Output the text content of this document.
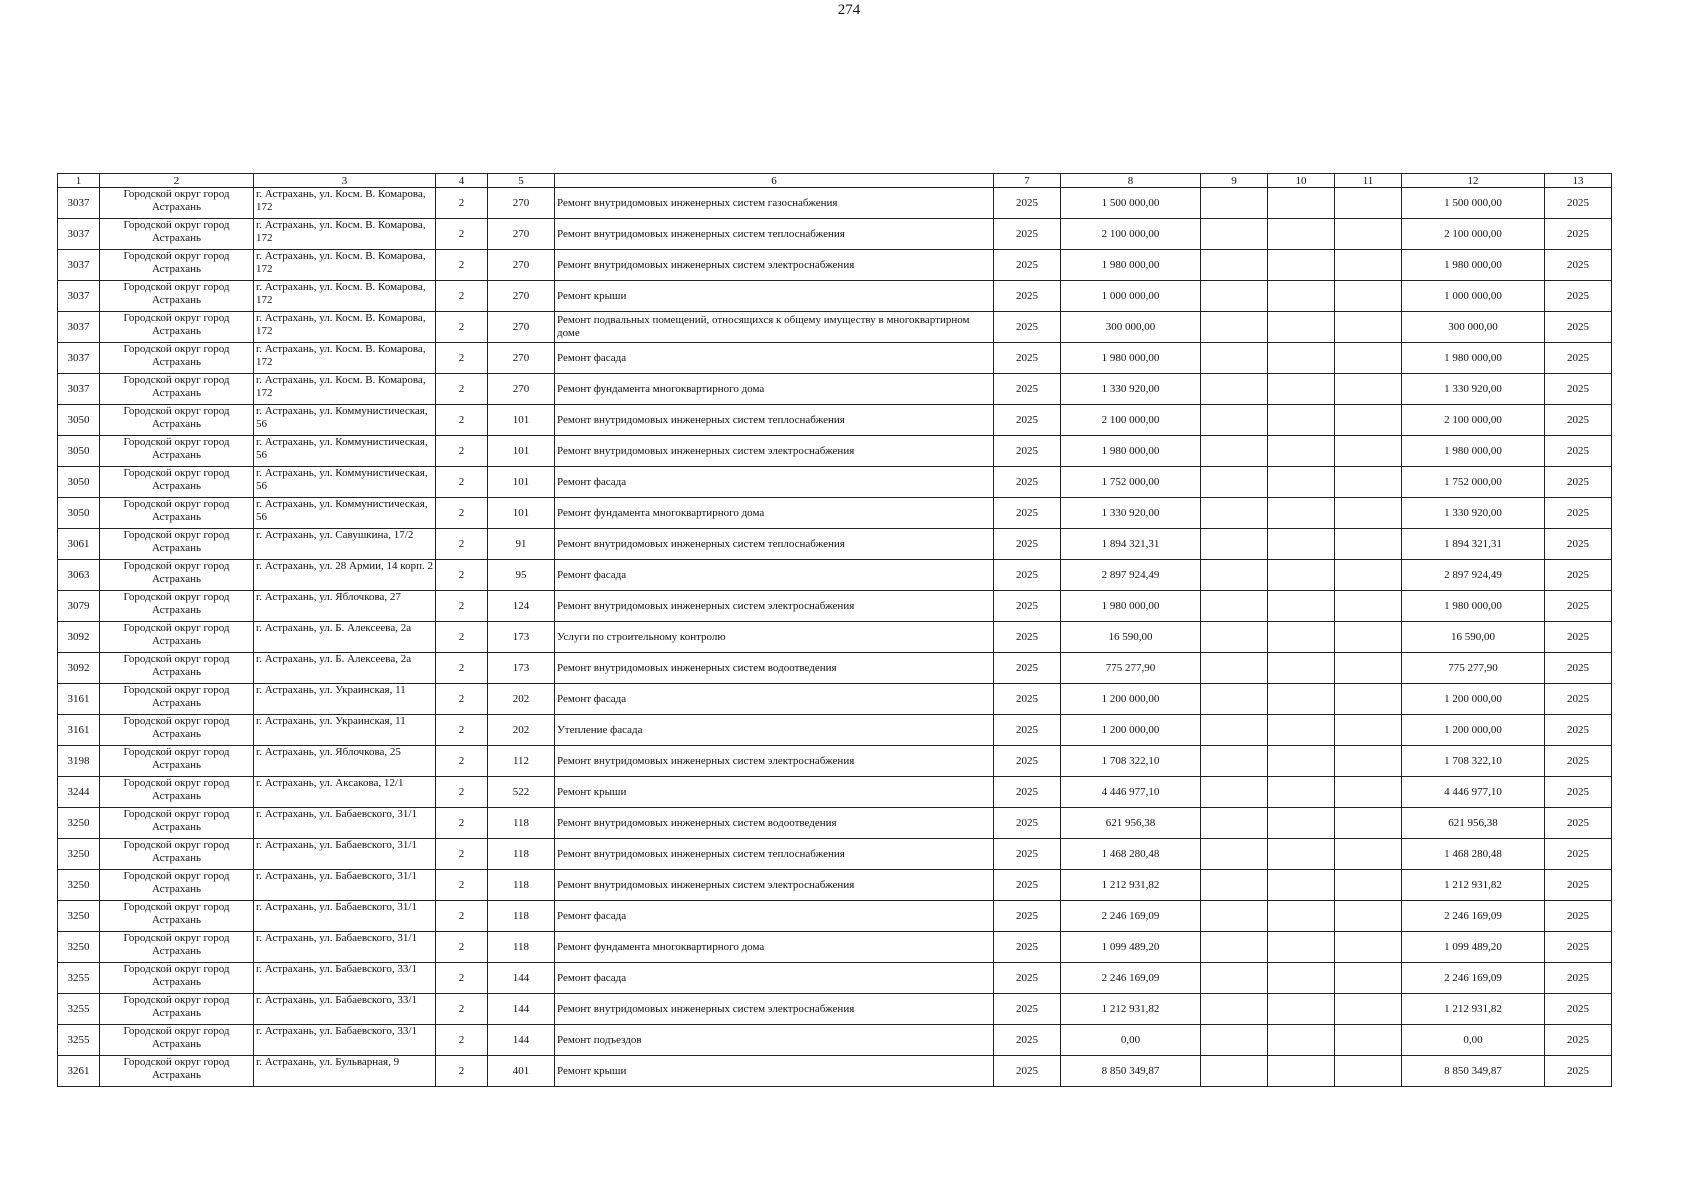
274
1	2	3	4	5	6	7	8	9	10	11	12	13
3037	Городской округ город Астрахань	г. Астрахань, ул. Косм. В. Комарова, 172	2	270	Ремонт внутридомовых инженерных систем газоснабжения	2025	1 500 000,00				1 500 000,00	2025
3037	Городской округ город Астрахань	г. Астрахань, ул. Косм. В. Комарова, 172	2	270	Ремонт внутридомовых инженерных систем теплоснабжения	2025	2 100 000,00				2 100 000,00	2025
3037	Городской округ город Астрахань	г. Астрахань, ул. Косм. В. Комарова, 172	2	270	Ремонт внутридомовых инженерных систем электроснабжения	2025	1 980 000,00				1 980 000,00	2025
3037	Городской округ город Астрахань	г. Астрахань, ул. Косм. В. Комарова, 172	2	270	Ремонт крыши	2025	1 000 000,00				1 000 000,00	2025
3037	Городской округ город Астрахань	г. Астрахань, ул. Косм. В. Комарова, 172	2	270	Ремонт подвальных помещений, относящихся к общему имуществу в многоквартирном доме	2025	300 000,00				300 000,00	2025
3037	Городской округ город Астрахань	г. Астрахань, ул. Косм. В. Комарова, 172	2	270	Ремонт фасада	2025	1 980 000,00				1 980 000,00	2025
3037	Городской округ город Астрахань	г. Астрахань, ул. Косм. В. Комарова, 172	2	270	Ремонт фундамента многоквартирного дома	2025	1 330 920,00				1 330 920,00	2025
3050	Городской округ город Астрахань	г. Астрахань, ул. Коммунистическая, 56	2	101	Ремонт внутридомовых инженерных систем теплоснабжения	2025	2 100 000,00				2 100 000,00	2025
3050	Городской округ город Астрахань	г. Астрахань, ул. Коммунистическая, 56	2	101	Ремонт внутридомовых инженерных систем электроснабжения	2025	1 980 000,00				1 980 000,00	2025
3050	Городской округ город Астрахань	г. Астрахань, ул. Коммунистическая, 56	2	101	Ремонт фасада	2025	1 752 000,00				1 752 000,00	2025
3050	Городской округ город Астрахань	г. Астрахань, ул. Коммунистическая, 56	2	101	Ремонт фундамента многоквартирного дома	2025	1 330 920,00				1 330 920,00	2025
3061	Городской округ город Астрахань	г. Астрахань, ул. Савушкина, 17/2	2	91	Ремонт внутридомовых инженерных систем теплоснабжения	2025	1 894 321,31				1 894 321,31	2025
3063	Городской округ город Астрахань	г. Астрахань, ул. 28 Армии, 14 корп. 2	2	95	Ремонт фасада	2025	2 897 924,49				2 897 924,49	2025
3079	Городской округ город Астрахань	г. Астрахань, ул. Яблочкова, 27	2	124	Ремонт внутридомовых инженерных систем электроснабжения	2025	1 980 000,00				1 980 000,00	2025
3092	Городской округ город Астрахань	г. Астрахань, ул. Б. Алексеева, 2а	2	173	Услуги по строительному контролю	2025	16 590,00				16 590,00	2025
3092	Городской округ город Астрахань	г. Астрахань, ул. Б. Алексеева, 2а	2	173	Ремонт внутридомовых инженерных систем водоотведения	2025	775 277,90				775 277,90	2025
3161	Городской округ город Астрахань	г. Астрахань, ул. Украинская, 11	2	202	Ремонт фасада	2025	1 200 000,00				1 200 000,00	2025
3161	Городской округ город Астрахань	г. Астрахань, ул. Украинская, 11	2	202	Утепление фасада	2025	1 200 000,00				1 200 000,00	2025
3198	Городской округ город Астрахань	г. Астрахань, ул. Яблочкова, 25	2	112	Ремонт внутридомовых инженерных систем электроснабжения	2025	1 708 322,10				1 708 322,10	2025
3244	Городской округ город Астрахань	г. Астрахань, ул. Аксакова, 12/1	2	522	Ремонт крыши	2025	4 446 977,10				4 446 977,10	2025
3250	Городской округ город Астрахань	г. Астрахань, ул. Бабаевского, 31/1	2	118	Ремонт внутридомовых инженерных систем водоотведения	2025	621 956,38				621 956,38	2025
3250	Городской округ город Астрахань	г. Астрахань, ул. Бабаевского, 31/1	2	118	Ремонт внутридомовых инженерных систем теплоснабжения	2025	1 468 280,48				1 468 280,48	2025
3250	Городской округ город Астрахань	г. Астрахань, ул. Бабаевского, 31/1	2	118	Ремонт внутридомовых инженерных систем электроснабжения	2025	1 212 931,82				1 212 931,82	2025
3250	Городской округ город Астрахань	г. Астрахань, ул. Бабаевского, 31/1	2	118	Ремонт фасада	2025	2 246 169,09				2 246 169,09	2025
3250	Городской округ город Астрахань	г. Астрахань, ул. Бабаевского, 31/1	2	118	Ремонт фундамента многоквартирного дома	2025	1 099 489,20				1 099 489,20	2025
3255	Городской округ город Астрахань	г. Астрахань, ул. Бабаевского, 33/1	2	144	Ремонт фасада	2025	2 246 169,09				2 246 169,09	2025
3255	Городской округ город Астрахань	г. Астрахань, ул. Бабаевского, 33/1	2	144	Ремонт внутридомовых инженерных систем электроснабжения	2025	1 212 931,82				1 212 931,82	2025
3255	Городской округ город Астрахань	г. Астрахань, ул. Бабаевского, 33/1	2	144	Ремонт подъездов	2025	0,00				0,00	2025
3261	Городской округ город Астрахань	г. Астрахань, ул. Бульварная, 9	2	401	Ремонт крыши	2025	8 850 349,87				8 850 349,87	2025
